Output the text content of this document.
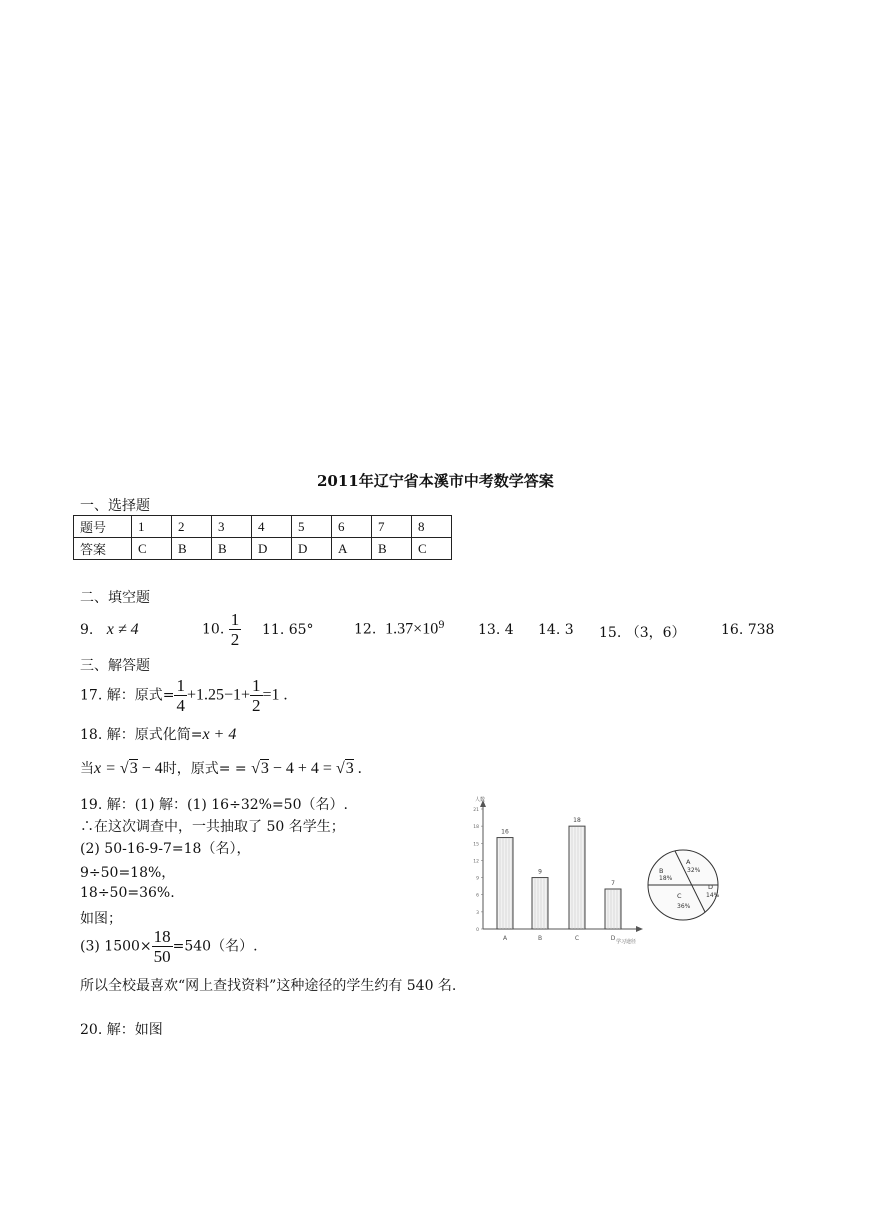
2011年辽宁省本溪市中考数学答案
一、选择题
题号	1	2	3	4	5	6	7	8
答案	C	B	B	D	D	A	B	C
二、填空题
9. x ≠ 4	10. $\frac{1}{2} 11$. 65°	12. $1.37\times 10^9$ 13. 4 14. 3 15. （3，6）	16. 738
三、解答题
17. 解：原式= $\frac{1}{4} +1.25-1+ \frac{1}{2} =1$ .
18. 解：原式化简=x + 4
当x = √3 − 4时，原式= = √3 − 4 + 4 = √3 .
19. 解：(1) 解：(1) 16÷32%=50（名）.
∴在这次调查中，一共抽取了 50 名学生；
(2) 50-16-9-7=18（名），
9÷50=18%，
18÷50=36%.
如图；
(3) $1500\times \frac{18}{50} =540$（名）.
所以全校最喜欢“网上查找资料”这种途径的学生约有 540 名.
20. 解：如图
人数
学习途径
0
3
6
9
12
15
18
21
16
A
9
B
18
C
7
D
A
32%
B
18%
C
36%
D
14%
